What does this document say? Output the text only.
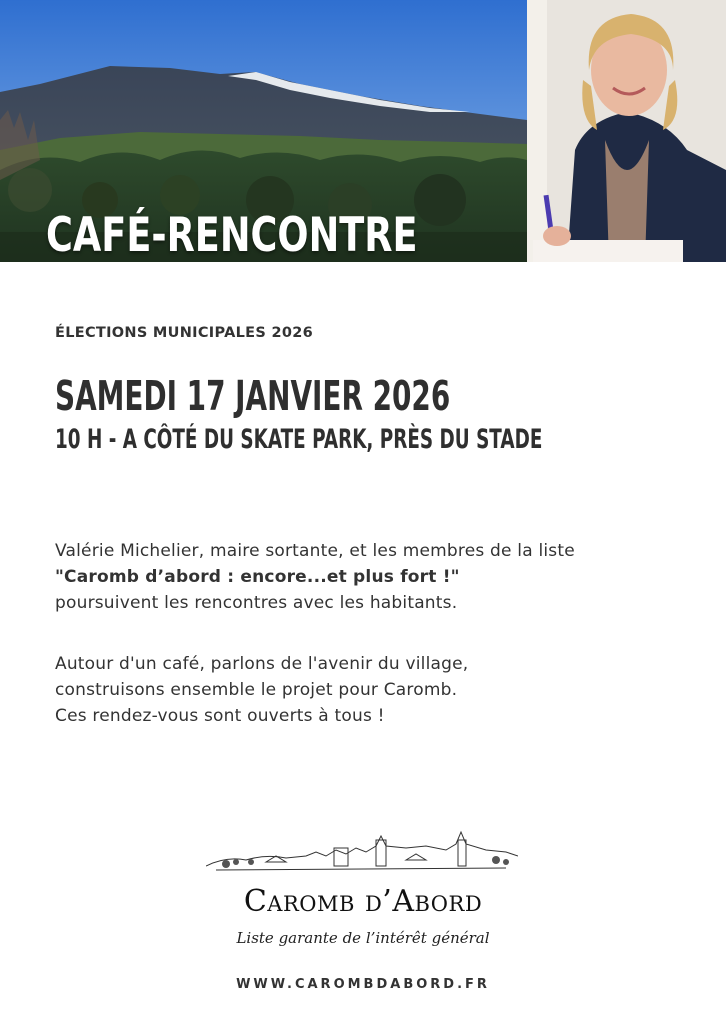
CAFÉ-RENCONTRE

ÉLECTIONS MUNICIPALES 2026

SAMEDI 17 JANVIER 2026
10 H - A CÔTÉ DU SKATE PARK, PRÈS DU STADE
Valérie Michelier, maire sortante, et les membres de la liste
"Caromb d’abord : encore...et plus fort !"
poursuivent les rencontres avec les habitants.
Autour d'un café, parlons de l'avenir du village,
construisons ensemble le projet pour Caromb.
Ces rendez-vous sont ouverts à tous !

Caromb d’Abord

Liste garante de l’intérêt général

WWW.CAROMBDABORD.FR
